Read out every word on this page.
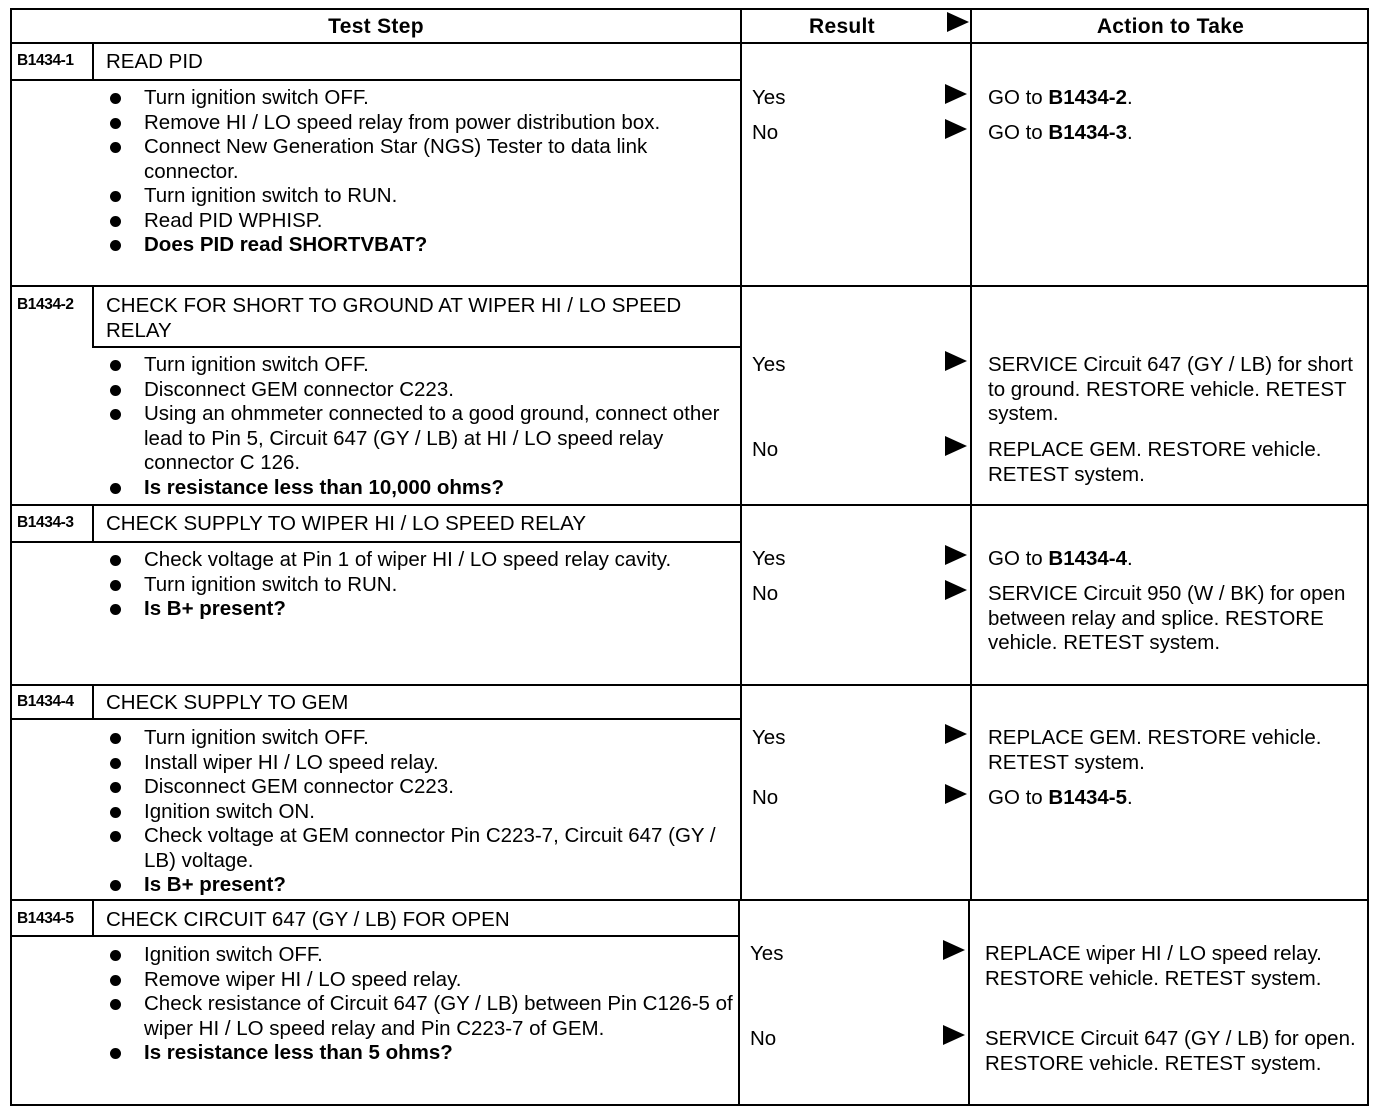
Test Step	Result	Action to Take
B1434-1	READ PID
Turn ignition switch OFF.
Remove HI / LO speed relay from power distribution box.
Connect New Generation Star (NGS) Tester to data link connector.
Turn ignition switch to RUN.
Read PID WPHISP.
Does PID read SHORTVBAT?
Yes	GO to B1434-2.
No	GO to B1434-3.
B1434-2	CHECK FOR SHORT TO GROUND AT WIPER HI / LO SPEED RELAY
Turn ignition switch OFF.
Disconnect GEM connector C223.
Using an ohmmeter connected to a good ground, connect other lead to Pin 5, Circuit 647 (GY / LB) at HI / LO speed relay connector C 126.
Is resistance less than 10,000 ohms?
Yes	SERVICE Circuit 647 (GY / LB) for short to ground. RESTORE vehicle. RETEST system.
No	REPLACE GEM. RESTORE vehicle. RETEST system.
B1434-3	CHECK SUPPLY TO WIPER HI / LO SPEED RELAY
Check voltage at Pin 1 of wiper HI / LO speed relay cavity.
Turn ignition switch to RUN.
Is B+ present?
Yes	GO to B1434-4.
No	SERVICE Circuit 950 (W / BK) for open between relay and splice. RESTORE vehicle. RETEST system.
B1434-4	CHECK SUPPLY TO GEM
Turn ignition switch OFF.
Install wiper HI / LO speed relay.
Disconnect GEM connector C223.
Ignition switch ON.
Check voltage at GEM connector Pin C223-7, Circuit 647 (GY / LB) voltage.
Is B+ present?
Yes	REPLACE GEM. RESTORE vehicle. RETEST system.
No	GO to B1434-5.
B1434-5	CHECK CIRCUIT 647 (GY / LB) FOR OPEN
Ignition switch OFF.
Remove wiper HI / LO speed relay.
Check resistance of Circuit 647 (GY / LB) between Pin C126-5 of wiper HI / LO speed relay and Pin C223-7 of GEM.
Is resistance less than 5 ohms?
Yes	REPLACE wiper HI / LO speed relay. RESTORE vehicle. RETEST system.
No	SERVICE Circuit 647 (GY / LB) for open. RESTORE vehicle. RETEST system.
